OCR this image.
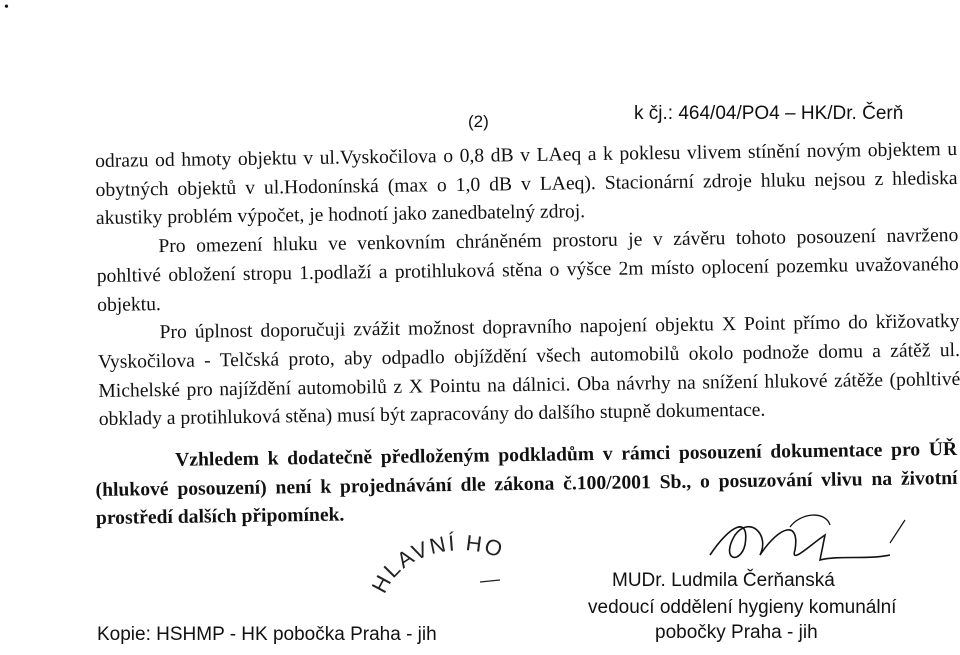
•
(2)	k čj.: 464/04/PO4 – HK/Dr. Čerň

odrazu od hmoty objektu v ul.Vyskočilova o 0,8 dB v LAeq a k poklesu vlivem stínění novým objektem u obytných objektů v ul.Hodonínská (max o 1,0 dB v LAeq). Stacionární zdroje hluku nejsou z hlediska akustiky problém výpočet, je hodnotí jako zanedbatelný zdroj.

Pro omezení hluku ve venkovním chráněném prostoru je v závěru tohoto posouzení navrženo pohltivé obložení stropu 1.podlaží a protihluková stěna o výšce 2m místo oplocení pozemku uvažovaného objektu.

Pro úplnost doporučuji zvážit možnost dopravního napojení objektu X Point přímo do křižovatky Vyskočilova - Telčská proto, aby odpadlo objíždění všech automobilů okolo podnože domu a zátěž ul. Michelské pro najíždění automobilů z X Pointu na dálnici. Oba návrhy na snížení hlukové zátěže (pohltivé obklady a protihluková stěna) musí být zapracovány do dalšího stupně dokumentace.

Vzhledem k dodatečně předloženým podkladům v rámci posouzení dokumentace pro ÚŘ (hlukové posouzení) není k projednávání dle zákona č.100/2001 Sb., o posuzování vlivu na životní prostředí dalších připomínek.

HLAVNÍ HO
MUDr. Ludmila Čerňanská
vedoucí oddělení hygieny komunální
pobočky Praha - jih
Kopie: HSHMP - HK pobočka Praha - jih
